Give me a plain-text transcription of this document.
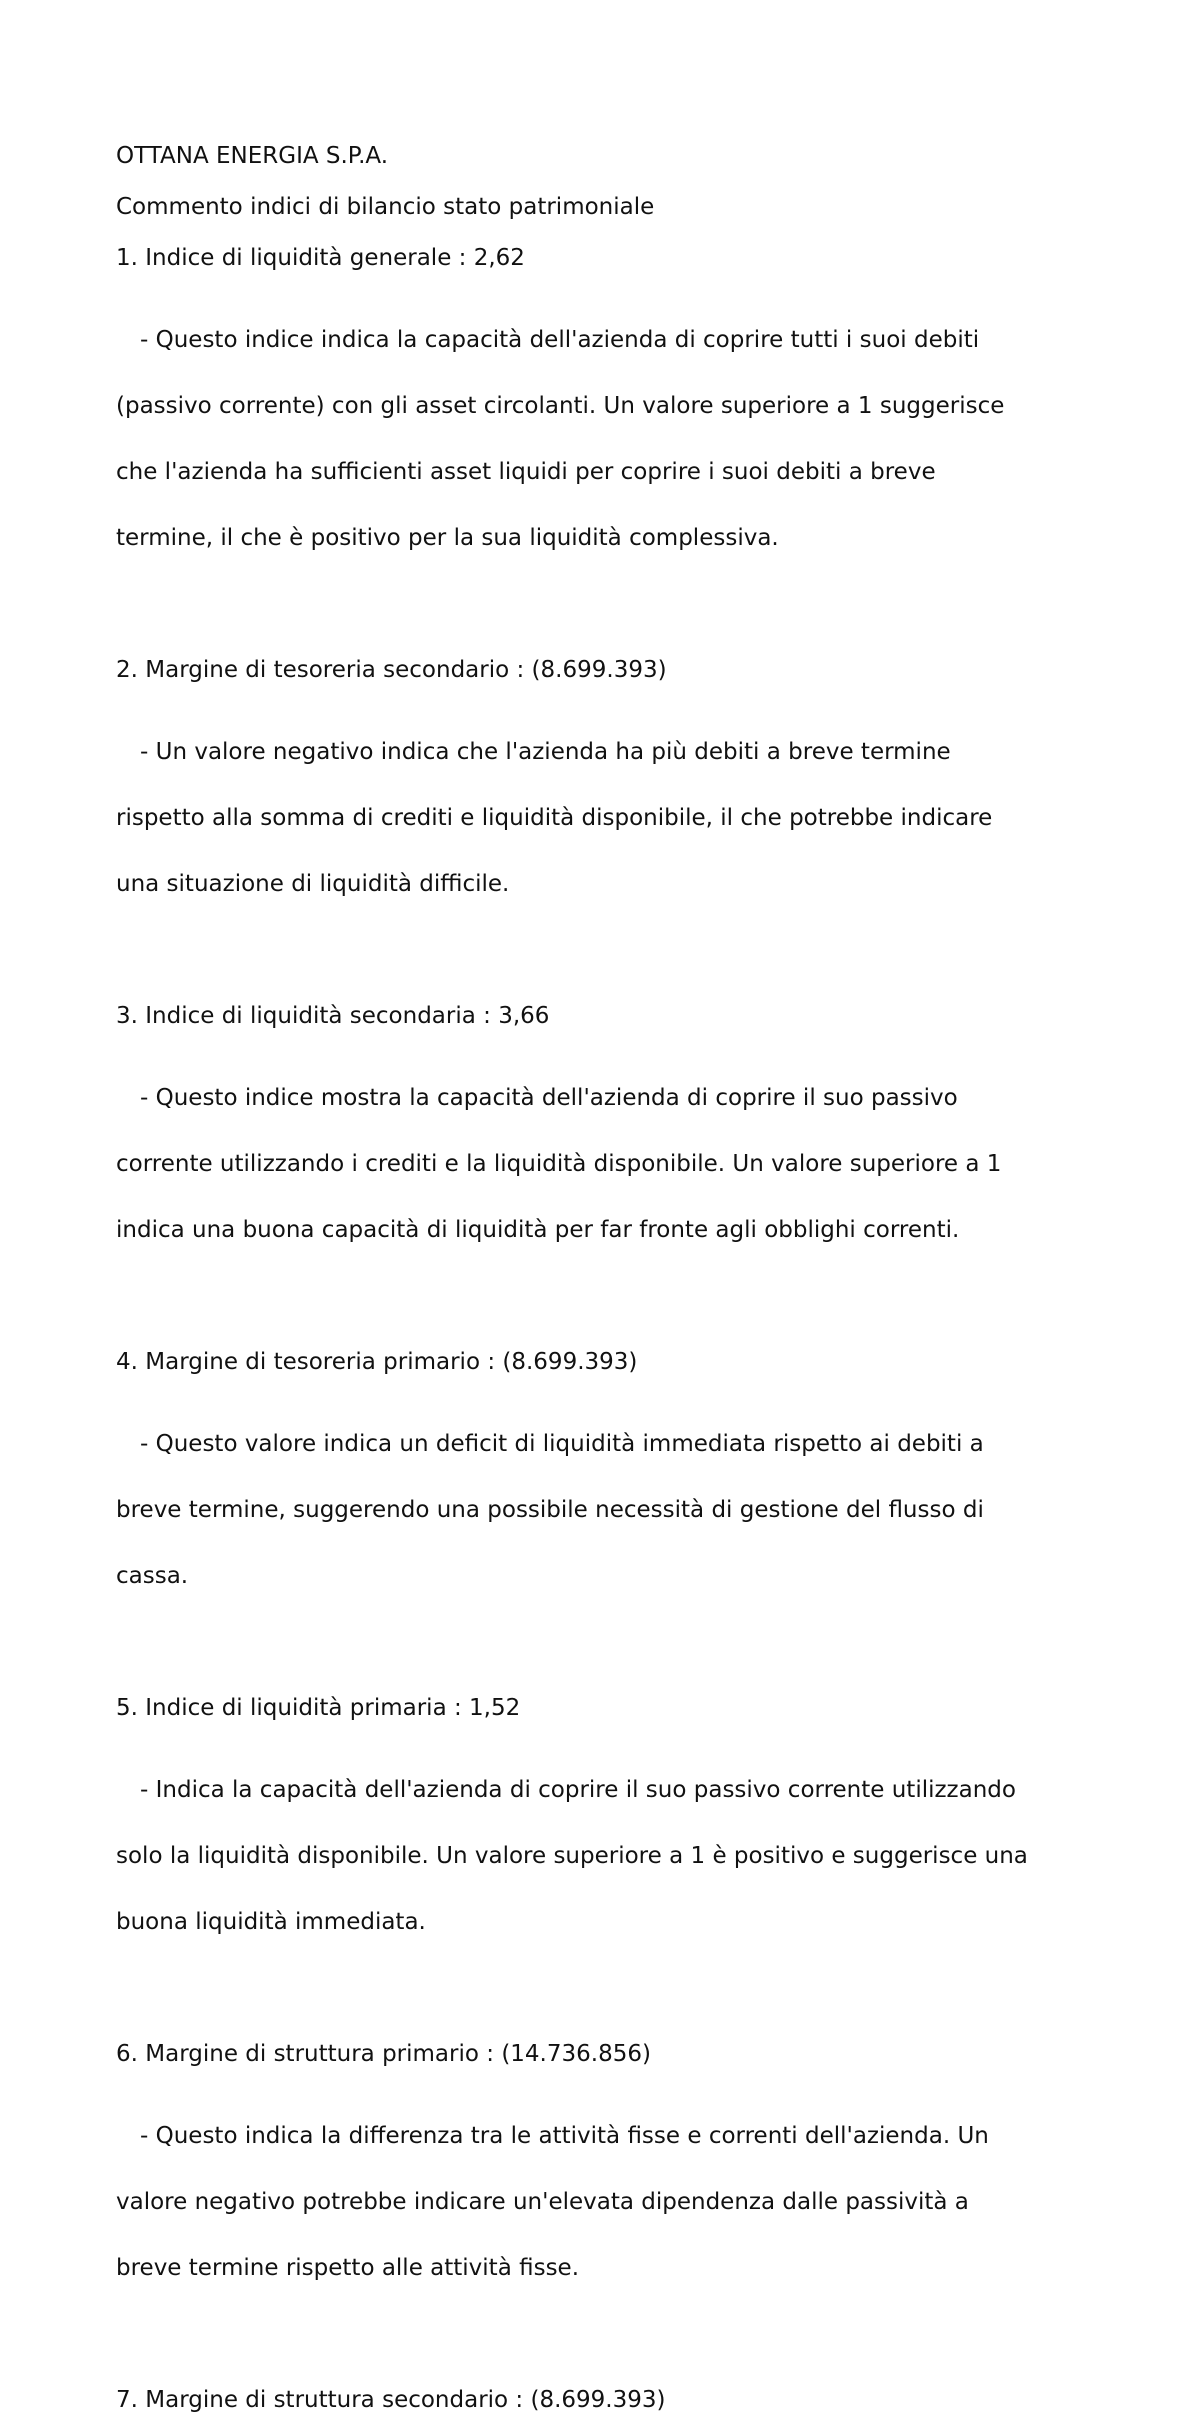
OTTANA ENERGIA S.P.A.

Commento indici di bilancio stato patrimoniale

1. Indice di liquidità generale : 2,62

- Questo indice indica la capacità dell'azienda di coprire tutti i suoi debiti

(passivo corrente) con gli asset circolanti. Un valore superiore a 1 suggerisce

che l'azienda ha sufficienti asset liquidi per coprire i suoi debiti a breve

termine, il che è positivo per la sua liquidità complessiva.

2. Margine di tesoreria secondario : (8.699.393)

- Un valore negativo indica che l'azienda ha più debiti a breve termine

rispetto alla somma di crediti e liquidità disponibile, il che potrebbe indicare

una situazione di liquidità difficile.

3. Indice di liquidità secondaria : 3,66

- Questo indice mostra la capacità dell'azienda di coprire il suo passivo

corrente utilizzando i crediti e la liquidità disponibile. Un valore superiore a 1

indica una buona capacità di liquidità per far fronte agli obblighi correnti.

4. Margine di tesoreria primario : (8.699.393)

- Questo valore indica un deficit di liquidità immediata rispetto ai debiti a

breve termine, suggerendo una possibile necessità di gestione del flusso di

cassa.

5. Indice di liquidità primaria : 1,52

- Indica la capacità dell'azienda di coprire il suo passivo corrente utilizzando

solo la liquidità disponibile. Un valore superiore a 1 è positivo e suggerisce una

buona liquidità immediata.

6. Margine di struttura primario : (14.736.856)

- Questo indica la differenza tra le attività fisse e correnti dell'azienda. Un

valore negativo potrebbe indicare un'elevata dipendenza dalle passività a

breve termine rispetto alle attività fisse.

7. Margine di struttura secondario : (8.699.393)
